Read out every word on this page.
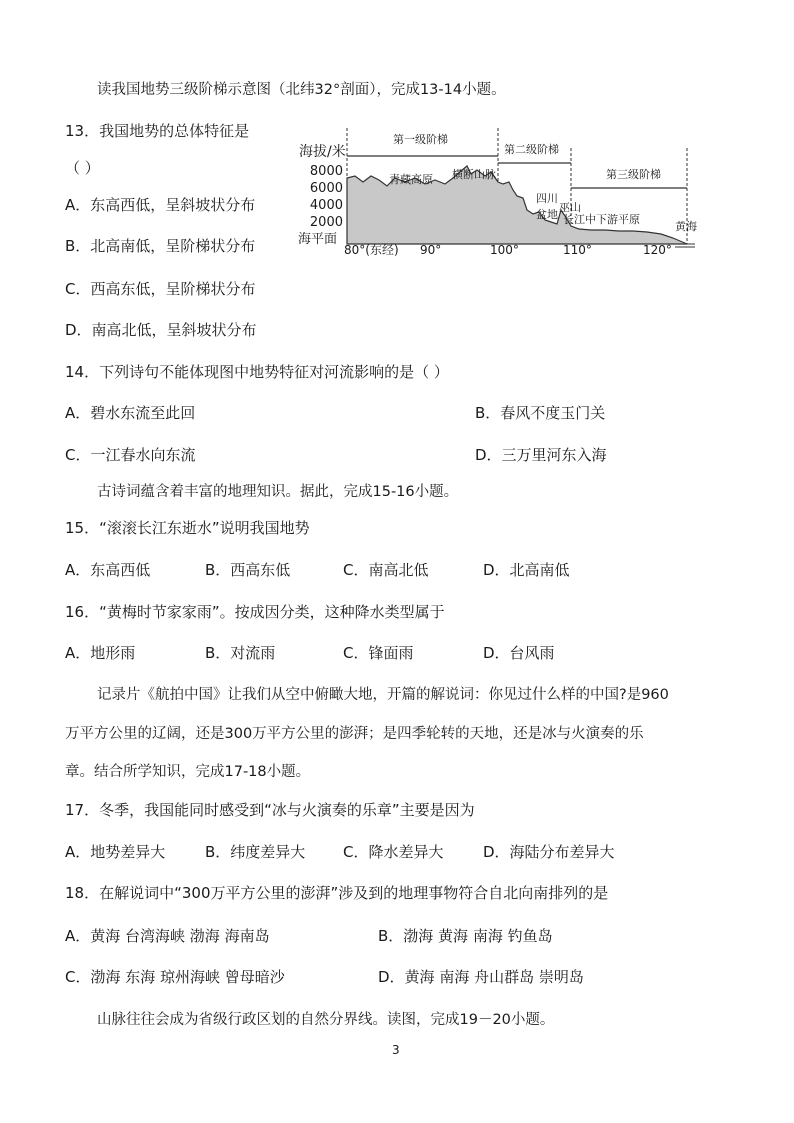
读我国地势三级阶梯示意图（北纬32°剖面），完成13-14小题。
13．我国地势的总体特征是
（ ）
A．东高西低，呈斜坡状分布
B．北高南低，呈阶梯状分布
C．西高东低，呈阶梯状分布
D．南高北低，呈斜坡状分布
海拔/米
8000
6000
4000
2000
海平面
80°(东经) 90°	100°	110°	120°
第一级阶梯
第二级阶梯
第三级阶梯
青藏高原 横断山脉
四川
盆地
巫山
长江中下游平原
黄海
14．下列诗句不能体现图中地势特征对河流影响的是（ ）
A．碧水东流至此回	B．春风不度玉门关
C．一江春水向东流	D．三万里河东入海
古诗词蕴含着丰富的地理知识。据此，完成15-16小题。
15．“滚滚长江东逝水”说明我国地势
A．东高西低	B．西高东低	C．南高北低	D．北高南低
16．“黄梅时节家家雨”。按成因分类，这种降水类型属于
A．地形雨	B．对流雨	C．锋面雨	D．台风雨
记录片《航拍中国》让我们从空中俯瞰大地，开篇的解说词：你见过什么样的中国?是960
万平方公里的辽阔，还是300万平方公里的澎湃；是四季轮转的天地，还是冰与火演奏的乐
章。结合所学知识，完成17-18小题。
17．冬季，我国能同时感受到“冰与火演奏的乐章”主要是因为
A．地势差异大	B．纬度差异大	C．降水差异大	D．海陆分布差异大
18．在解说词中“300万平方公里的澎湃”涉及到的地理事物符合自北向南排列的是
A．黄海 台湾海峡 渤海 海南岛	B．渤海 黄海 南海 钓鱼岛
C．渤海 东海 琼州海峡 曾母暗沙	D．黄海 南海 舟山群岛 崇明岛
山脉往往会成为省级行政区划的自然分界线。读图，完成19－20小题。
3
